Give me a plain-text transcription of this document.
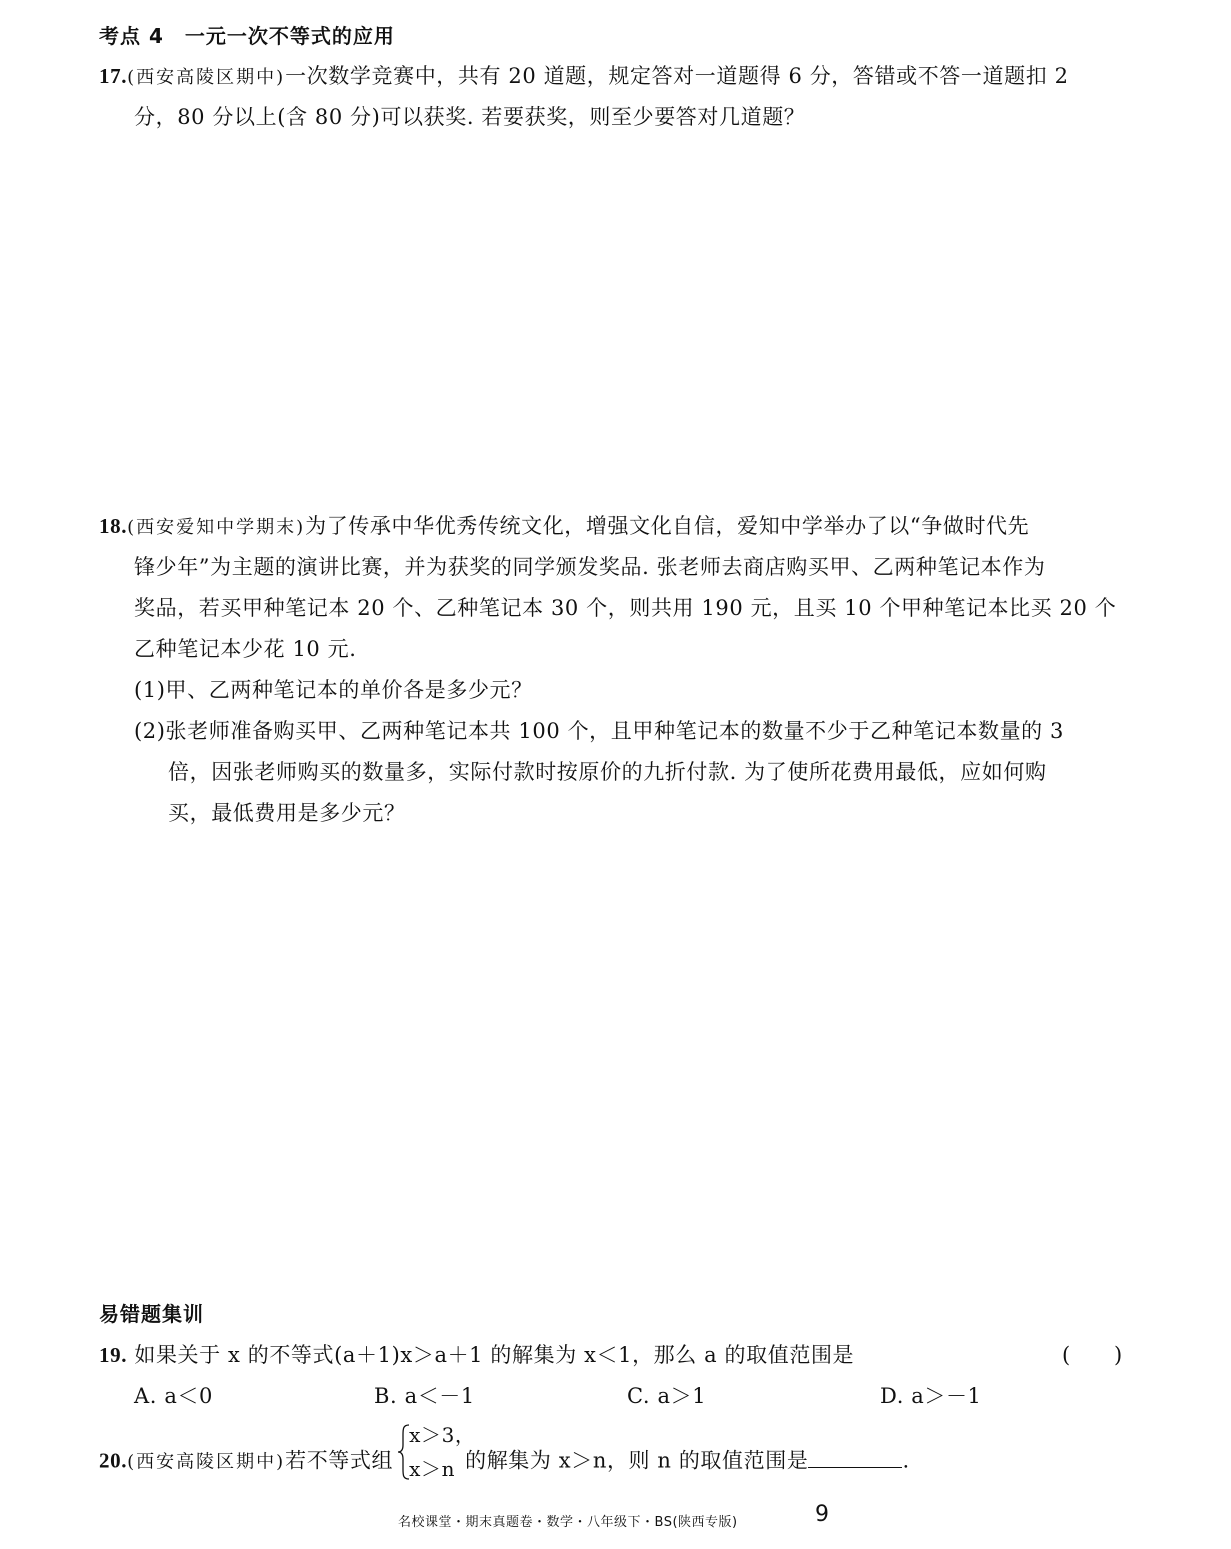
考点 4　一元一次不等式的应用
17.(西安高陵区期中)一次数学竞赛中，共有 20 道题，规定答对一道题得 6 分，答错或不答一道题扣 2
分，80 分以上(含 80 分)可以获奖. 若要获奖，则至少要答对几道题？
18.(西安爱知中学期末)为了传承中华优秀传统文化，增强文化自信，爱知中学举办了以“争做时代先
锋少年”为主题的演讲比赛，并为获奖的同学颁发奖品. 张老师去商店购买甲、乙两种笔记本作为
奖品，若买甲种笔记本 20 个、乙种笔记本 30 个，则共用 190 元，且买 10 个甲种笔记本比买 20 个
乙种笔记本少花 10 元.
(1)甲、乙两种笔记本的单价各是多少元？
(2)张老师准备购买甲、乙两种笔记本共 100 个，且甲种笔记本的数量不少于乙种笔记本数量的 3
倍，因张老师购买的数量多，实际付款时按原价的九折付款. 为了使所花费用最低，应如何购
买，最低费用是多少元？
易错题集训
19. 如果关于 x 的不等式(a＋1)x＞a＋1 的解集为 x＜1，那么 a 的取值范围是	(　　)
A. a＜0	B. a＜－1	C. a＞1	D. a＞－1
20.(西安高陵区期中)若不等式组
x＞3，
x＞n 的解集为 x＞n，则 n 的取值范围是	.
名校课堂・期末真题卷・数学・八年级下・BS(陕西专版)	9
